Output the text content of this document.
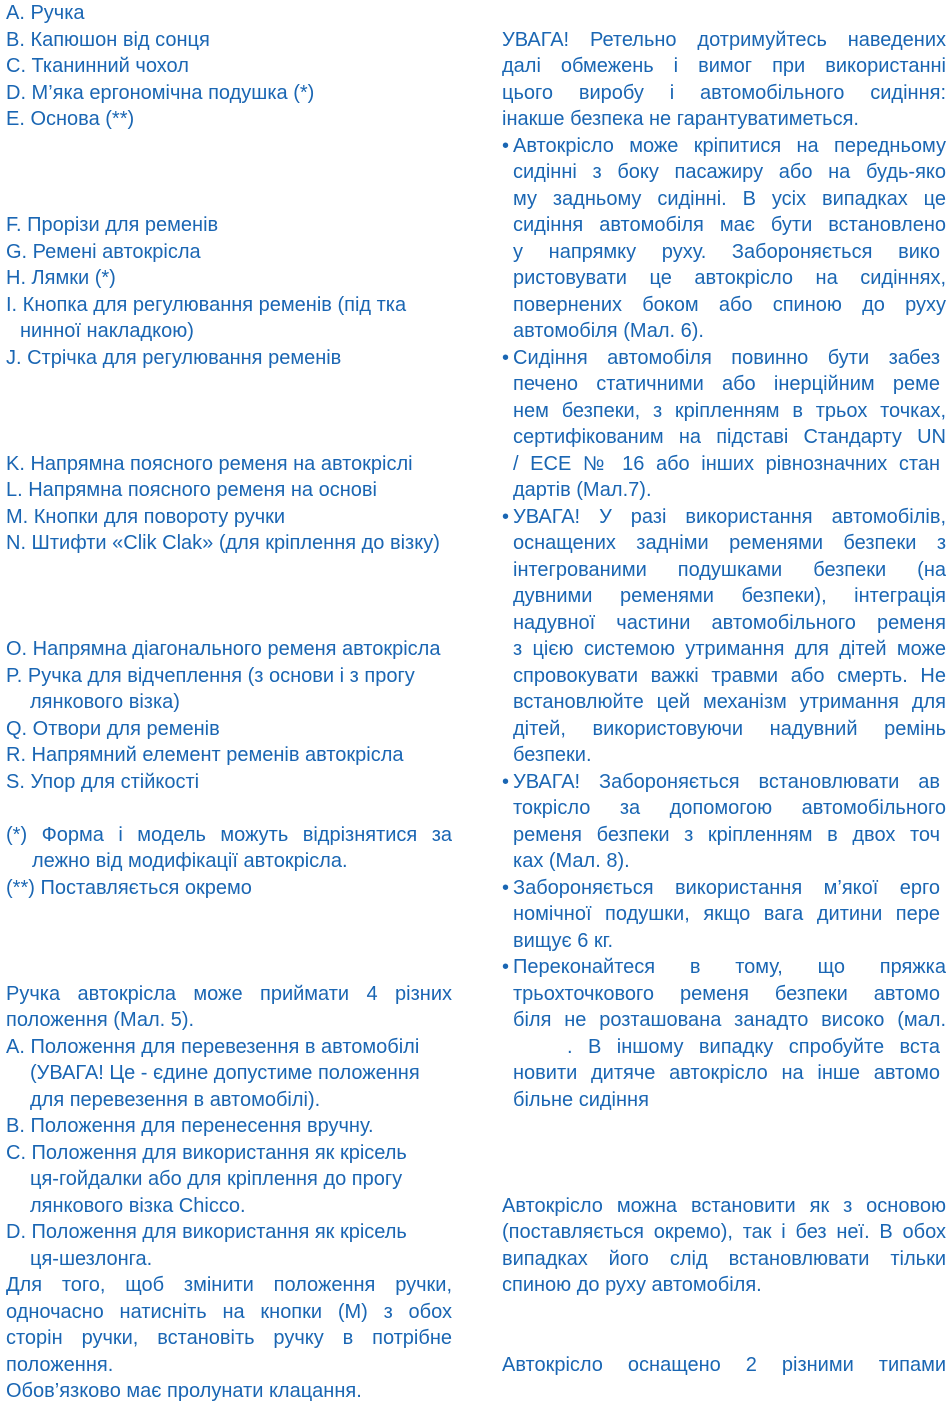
A. Ручка
B. Капюшон від сонця
C. Тканинний чохол
D. М’яка ергономічна подушка (*)
E. Основа (**)
F. Прорізи для ременів
G. Ремені автокрісла
H. Лямки (*)
I. Кнопка для регулювання ременів (під тка
нинної накладкою)
J. Стрічка для регулювання ременів
K. Напрямна поясного ременя на автокріслі
L. Напрямна поясного ременя на основі
M. Кнопки для повороту ручки
N. Штифти «Clik Clak» (для кріплення до візку)
O. Напрямна діагонального ременя автокрісла
P. Ручка для відчеплення (з основи і з прогу
лянкового візка)
Q. Отвори для ременів
R. Напрямний елемент ременів автокрісла
S. Упор для стійкості
(*) Форма і модель можуть відрізнятися за
лежно від модифікації автокрісла.
(**) Поставляється окремо
Ручка автокрісла може приймати 4 різних
положення (Мал. 5).
A. Положення для перевезення в автомобілі
(УВАГА! Це - єдине допустиме положення
для перевезення в автомобілі).
B. Положення для перенесення вручну.
C. Положення для використання як крісель
ця-гойдалки або для кріплення до прогу
лянкового візка Chicco.
D. Положення для використання як крісель
ця-шезлонга.
Для того, щоб змінити положення ручки,
одночасно натисніть на кнопки (M) з обох
сторін ручки, встановіть ручку в потрібне
положення.
Обов’язково має пролунати клацання.
УВАГА! Ретельно дотримуйтесь наведених
далі обмежень і вимог при використанні
цього виробу і автомобільного сидіння:
інакше безпека не гарантуватиметься.
• Автокрісло може кріпитися на передньому
сидінні з боку пасажиру або на будь-яко
му задньому сидінні. В усіх випадках це
сидіння автомобіля має бути встановлено
у напрямку руху. Забороняється вико
ристовувати це автокрісло на сидіннях,
повернених боком або спиною до руху
автомобіля (Мал. 6).
• Сидіння автомобіля повинно бути забез
печено статичними або інерційним реме
нем безпеки, з кріпленням в трьох точках,
сертифікованим на підставі Стандарту UN
/ ECE № 16 або інших рівнозначних стан
дартів (Мал.7).
• УВАГА! У разі використання автомобілів,
оснащених задніми ременями безпеки з
інтегрованими подушками безпеки (на
дувними ременями безпеки), інтеграція
надувної частини автомобільного ременя
з цією системою утримання для дітей може
спровокувати важкі травми або смерть. Не
встановлюйте цей механізм утримання для
дітей, використовуючи надувний ремінь
безпеки.
• УВАГА! Забороняється встановлювати ав
токрісло за допомогою автомобільного
ременя безпеки з кріпленням в двох точ
ках (Мал. 8).
• Забороняється використання м’якої ерго
номічної подушки, якщо вага дитини пере
вищує 6 кг.
• Переконайтеся в тому, що пряжка
трьохточкового ременя безпеки автомо
біля не розташована занадто високо (мал.
. В іншому випадку спробуйте вста
новити дитяче автокрісло на інше автомо
більне сидіння
Автокрісло можна встановити як з основою
(поставляється окремо), так і без неї. В обох
випадках його слід встановлювати тільки
спиною до руху автомобіля.
Автокрісло оснащено 2 різними типами
